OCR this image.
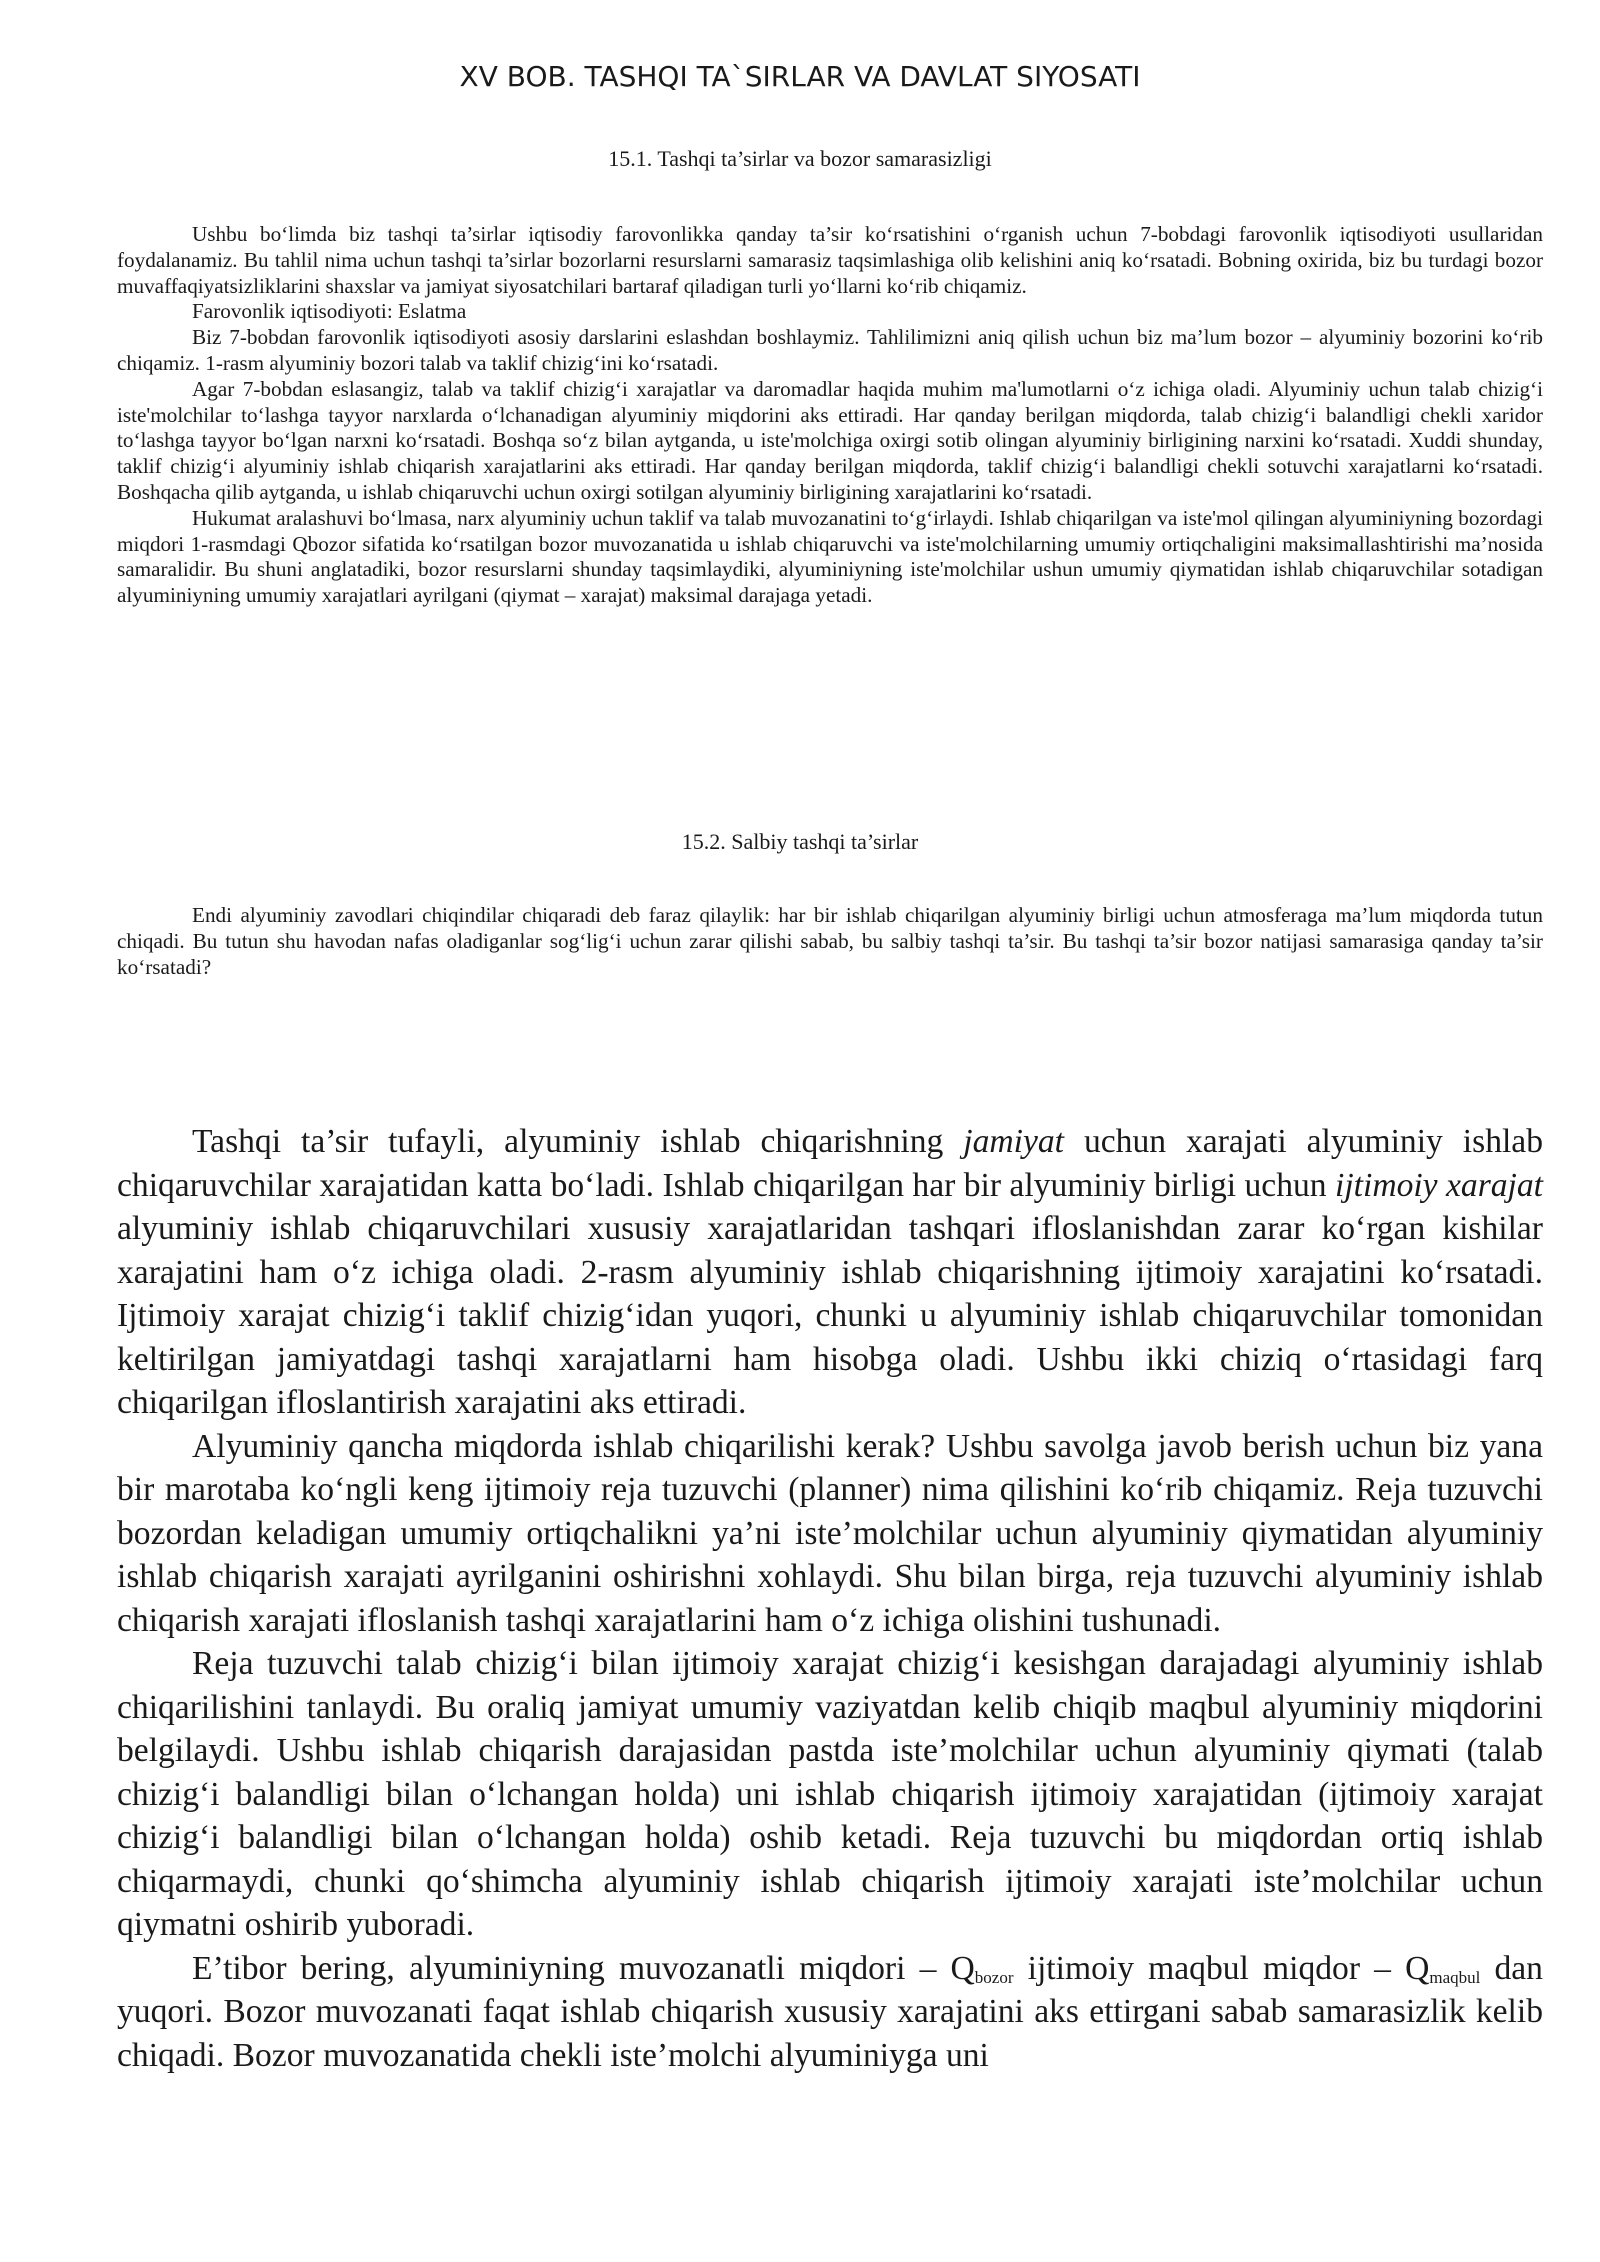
XV BOB. TASHQI TA`SIRLAR VA DAVLAT SIYOSATI
15.1. Tashqi ta’sirlar va bozor samarasizligi

Ushbu bo‘limda biz tashqi ta’sirlar iqtisodiy farovonlikka qanday ta’sir ko‘rsatishini o‘rganish uchun 7-bobdagi farovonlik iqtisodiyoti usullaridan foydalanamiz. Bu tahlil nima uchun tashqi ta’sirlar bozorlarni resurslarni samarasiz taqsimlashiga olib kelishini aniq ko‘rsatadi. Bobning oxirida, biz bu turdagi bozor muvaffaqiyatsizliklarini shaxslar va jamiyat siyosatchilari bartaraf qiladigan turli yo‘llarni ko‘rib chiqamiz.

Farovonlik iqtisodiyoti: Eslatma

Biz 7-bobdan farovonlik iqtisodiyoti asosiy darslarini eslashdan boshlaymiz. Tahlilimizni aniq qilish uchun biz ma’lum bozor – alyuminiy bozorini ko‘rib chiqamiz. 1-rasm alyuminiy bozori talab va taklif chizig‘ini ko‘rsatadi.

Agar 7-bobdan eslasangiz, talab va taklif chizig‘i xarajatlar va daromadlar haqida muhim ma'lumotlarni o‘z ichiga oladi. Alyuminiy uchun talab chizig‘i iste'molchilar to‘lashga tayyor narxlarda o‘lchanadigan alyuminiy miqdorini aks ettiradi. Har qanday berilgan miqdorda, talab chizig‘i balandligi chekli xaridor to‘lashga tayyor bo‘lgan narxni ko‘rsatadi. Boshqa so‘z bilan aytganda, u iste'molchiga oxirgi sotib olingan alyuminiy birligining narxini ko‘rsatadi. Xuddi shunday, taklif chizig‘i alyuminiy ishlab chiqarish xarajatlarini aks ettiradi. Har qanday berilgan miqdorda, taklif chizig‘i balandligi chekli sotuvchi xarajatlarni ko‘rsatadi. Boshqacha qilib aytganda, u ishlab chiqaruvchi uchun oxirgi sotilgan alyuminiy birligining xarajatlarini ko‘rsatadi.

Hukumat aralashuvi bo‘lmasa, narx alyuminiy uchun taklif va talab muvozanatini to‘g‘irlaydi. Ishlab chiqarilgan va iste'mol qilingan alyuminiyning bozordagi miqdori 1-rasmdagi Qbozor sifatida ko‘rsatilgan bozor muvozanatida u ishlab chiqaruvchi va iste'molchilarning umumiy ortiqchaligini maksimallashtirishi ma’nosida samaralidir. Bu shuni anglatadiki, bozor resurslarni shunday taqsimlaydiki, alyuminiyning iste'molchilar ushun umumiy qiymatidan ishlab chiqaruvchilar sotadigan alyuminiyning umumiy xarajatlari ayrilgani (qiymat – xarajat) maksimal darajaga yetadi.

15.2. Salbiy tashqi ta’sirlar

Endi alyuminiy zavodlari chiqindilar chiqaradi deb faraz qilaylik: har bir ishlab chiqarilgan alyuminiy birligi uchun atmosferaga ma’lum miqdorda tutun chiqadi. Bu tutun shu havodan nafas oladiganlar sog‘lig‘i uchun zarar qilishi sabab, bu salbiy tashqi ta’sir. Bu tashqi ta’sir bozor natijasi samarasiga qanday ta’sir ko‘rsatadi?

Tashqi ta’sir tufayli, alyuminiy ishlab chiqarishning jamiyat uchun xarajati alyuminiy ishlab chiqaruvchilar xarajatidan katta bo‘ladi. Ishlab chiqarilgan har bir alyuminiy birligi uchun ijtimoiy xarajat alyuminiy ishlab chiqaruvchilari xususiy xarajatlaridan tashqari ifloslanishdan zarar ko‘rgan kishilar xarajatini ham o‘z ichiga oladi. 2-rasm alyuminiy ishlab chiqarishning ijtimoiy xarajatini ko‘rsatadi. Ijtimoiy xarajat chizig‘i taklif chizig‘idan yuqori, chunki u alyuminiy ishlab chiqaruvchilar tomonidan keltirilgan jamiyatdagi tashqi xarajatlarni ham hisobga oladi. Ushbu ikki chiziq o‘rtasidagi farq chiqarilgan ifloslantirish xarajatini aks ettiradi.

Alyuminiy qancha miqdorda ishlab chiqarilishi kerak? Ushbu savolga javob berish uchun biz yana bir marotaba ko‘ngli keng ijtimoiy reja tuzuvchi (planner) nima qilishini ko‘rib chiqamiz. Reja tuzuvchi bozordan keladigan umumiy ortiqchalikni ya’ni iste’molchilar uchun alyuminiy qiymatidan alyuminiy ishlab chiqarish xarajati ayrilganini oshirishni xohlaydi. Shu bilan birga, reja tuzuvchi alyuminiy ishlab chiqarish xarajati ifloslanish tashqi xarajatlarini ham o‘z ichiga olishini tushunadi.

Reja tuzuvchi talab chizig‘i bilan ijtimoiy xarajat chizig‘i kesishgan darajadagi alyuminiy ishlab chiqarilishini tanlaydi. Bu oraliq jamiyat umumiy vaziyatdan kelib chiqib maqbul alyuminiy miqdorini belgilaydi. Ushbu ishlab chiqarish darajasidan pastda iste’molchilar uchun alyuminiy qiymati (talab chizig‘i balandligi bilan o‘lchangan holda) uni ishlab chiqarish ijtimoiy xarajatidan (ijtimoiy xarajat chizig‘i balandligi bilan o‘lchangan holda) oshib ketadi. Reja tuzuvchi bu miqdordan ortiq ishlab chiqarmaydi, chunki qo‘shimcha alyuminiy ishlab chiqarish ijtimoiy xarajati iste’molchilar uchun qiymatni oshirib yuboradi.

E’tibor bering, alyuminiyning muvozanatli miqdori – $Q_{bozor}$ ijtimoiy maqbul miqdor – $Q_{maqbul}$ dan yuqori. Bozor muvozanati faqat ishlab chiqarish xususiy xarajatini aks ettirgani sabab samarasizlik kelib chiqadi. Bozor muvozanatida chekli iste’molchi alyuminiyga uni
